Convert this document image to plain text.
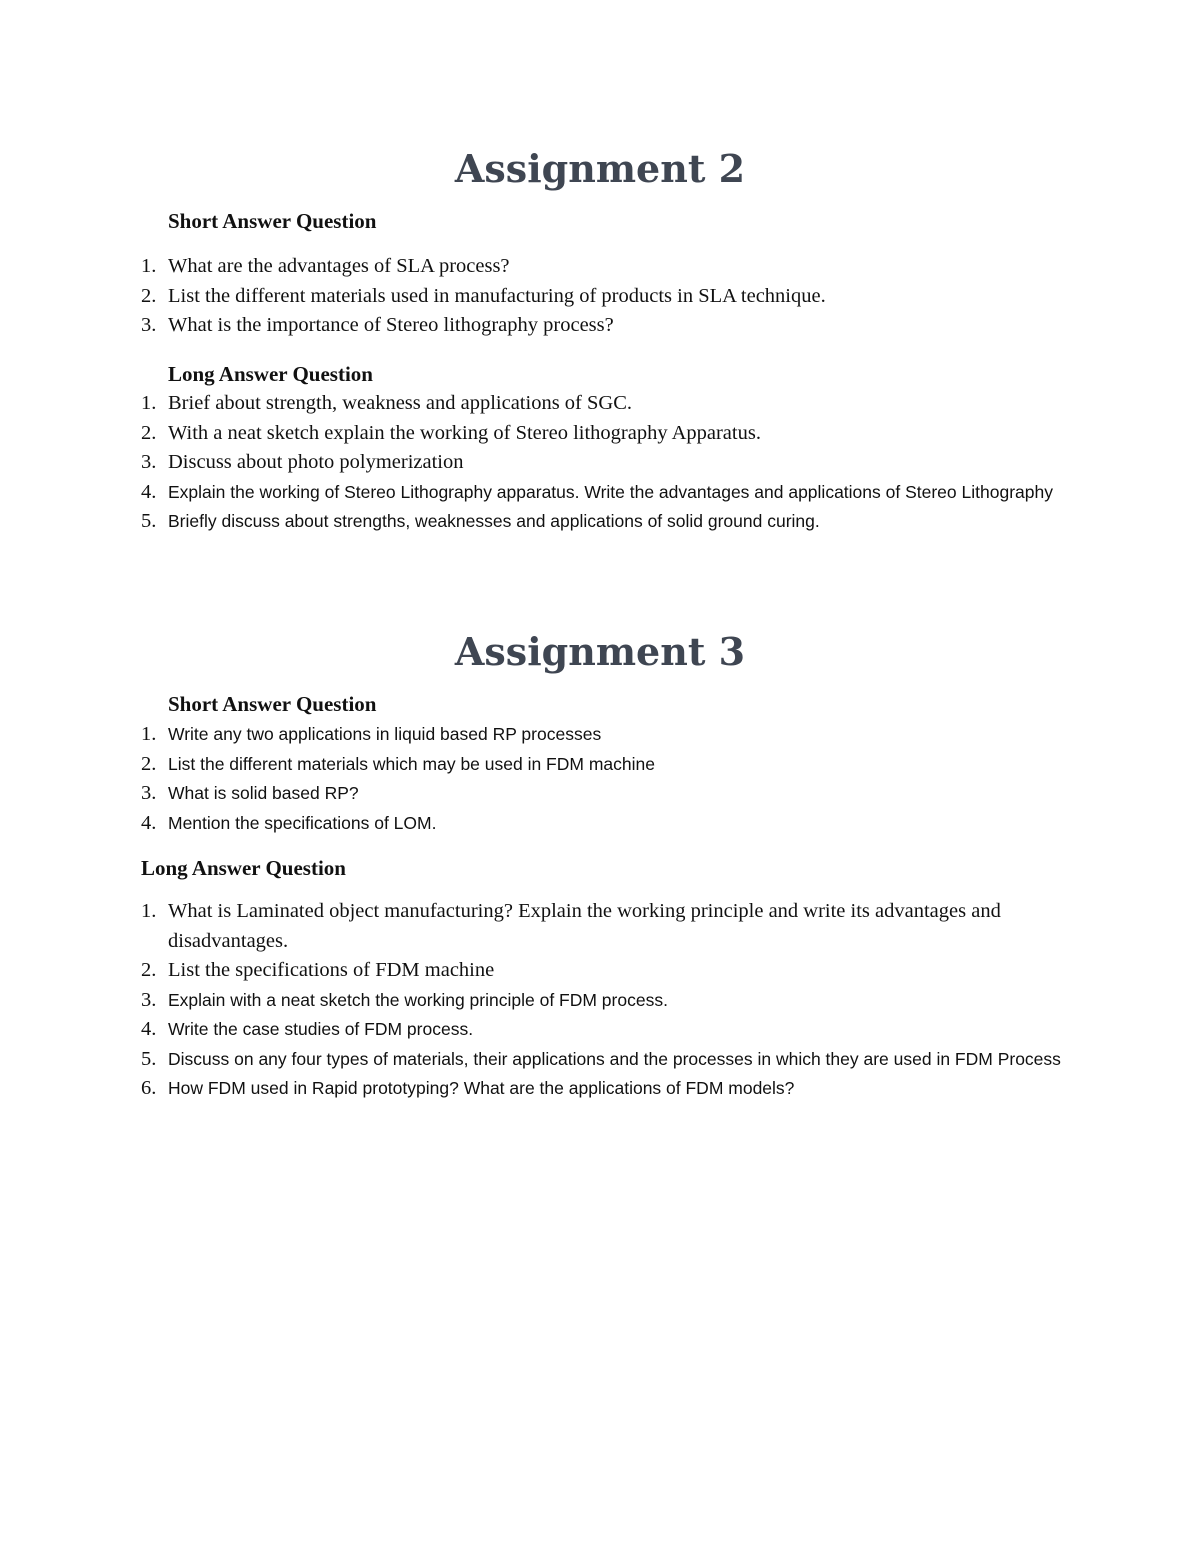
Assignment 2
Short Answer Question
1. What are the advantages of SLA process?
2. List the different materials used in manufacturing of products in SLA technique.
3. What is the importance of Stereo lithography process?
Long Answer Question
1. Brief about strength, weakness and applications of SGC.
2. With a neat sketch explain the working of Stereo lithography Apparatus.
3. Discuss about photo polymerization
4. Explain the working of Stereo Lithography apparatus. Write the advantages and applications of Stereo Lithography
5. Briefly discuss about strengths, weaknesses and applications of solid ground curing.
Assignment 3
Short Answer Question
1. Write any two applications in liquid based RP processes
2. List the different materials which may be used in FDM machine
3. What is solid based RP?
4. Mention the specifications of LOM.
Long Answer Question
1. What is Laminated object manufacturing? Explain the working principle and write its advantages and disadvantages.
2. List the specifications of FDM machine
3. Explain with a neat sketch the working principle of FDM process.
4. Write the case studies of FDM process.
5. Discuss on any four types of materials, their applications and the processes in which they are used in FDM Process
6. How FDM used in Rapid prototyping? What are the applications of FDM models?
